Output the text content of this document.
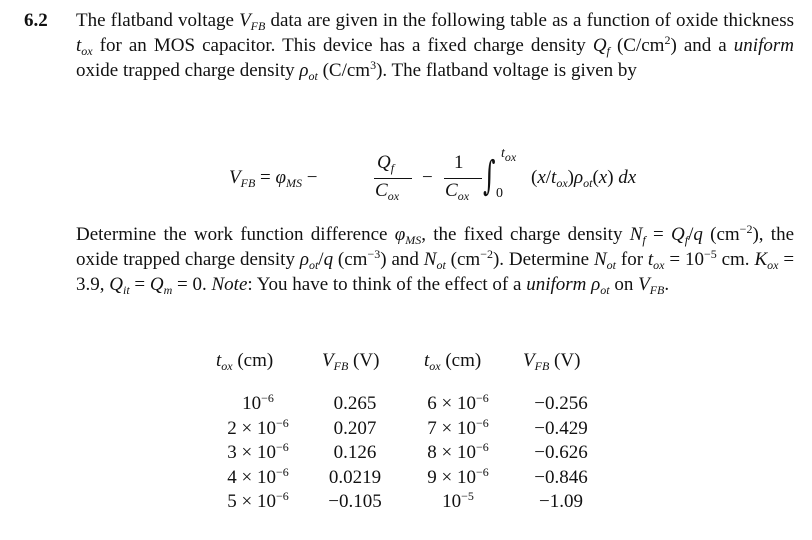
6.2 The flatband voltage $V_{FB}$ data are given in the following table as a function of oxide thickness $t_{ox}$ for an MOS capacitor. This device has a fixed charge density $Q_f$ $(C/cm^2)$ and a uniform oxide trapped charge density $\rho_{ot}$ $(C/cm^3)$. The flatband voltage is given by
$V_{FB} = \varphi_{MS}$ −
$Q_f$
$C_{ox}$
−
1
$C_{ox}$ ∫ $t_{ox}$
0
$(x/t_{ox})\rho_{ot}(x)$ dx
Determine the work function difference $\varphi_{MS}$, the fixed charge density $N_f = Q_f/q$ $(cm^{-2})$, the oxide trapped charge density $\rho_{ot}/q$ $(cm^{-3})$ and $N_{ot}$ $(cm^{-2})$. Determine $N_{ot}$ for $t_{ox} = 10^{-5}$ cm. $K_{ox} = 3.9$, $Q_{it} = Q_m = 0$. Note: You have to think of the effect of a uniform $\rho_{ot}$ on $V_{FB}$.
$t_{ox}$ (cm)	$V_{FB}$ (V) $t_{ox}$ (cm) $V_{FB}$ (V)
$10^{-6}$
$2 \times 10^{-6}$
$3 \times 10^{-6}$
$4 \times 10^{-6}$
$5 \times 10^{-6}$
0.265
0.207
0.126
0.0219
−0.105
$6 \times 10^{-6}$
$7 \times 10^{-6}$
$8 \times 10^{-6}$
$9 \times 10^{-6}$
$10^{-5}$
−0.256
−0.429
−0.626
−0.846
−1.09
